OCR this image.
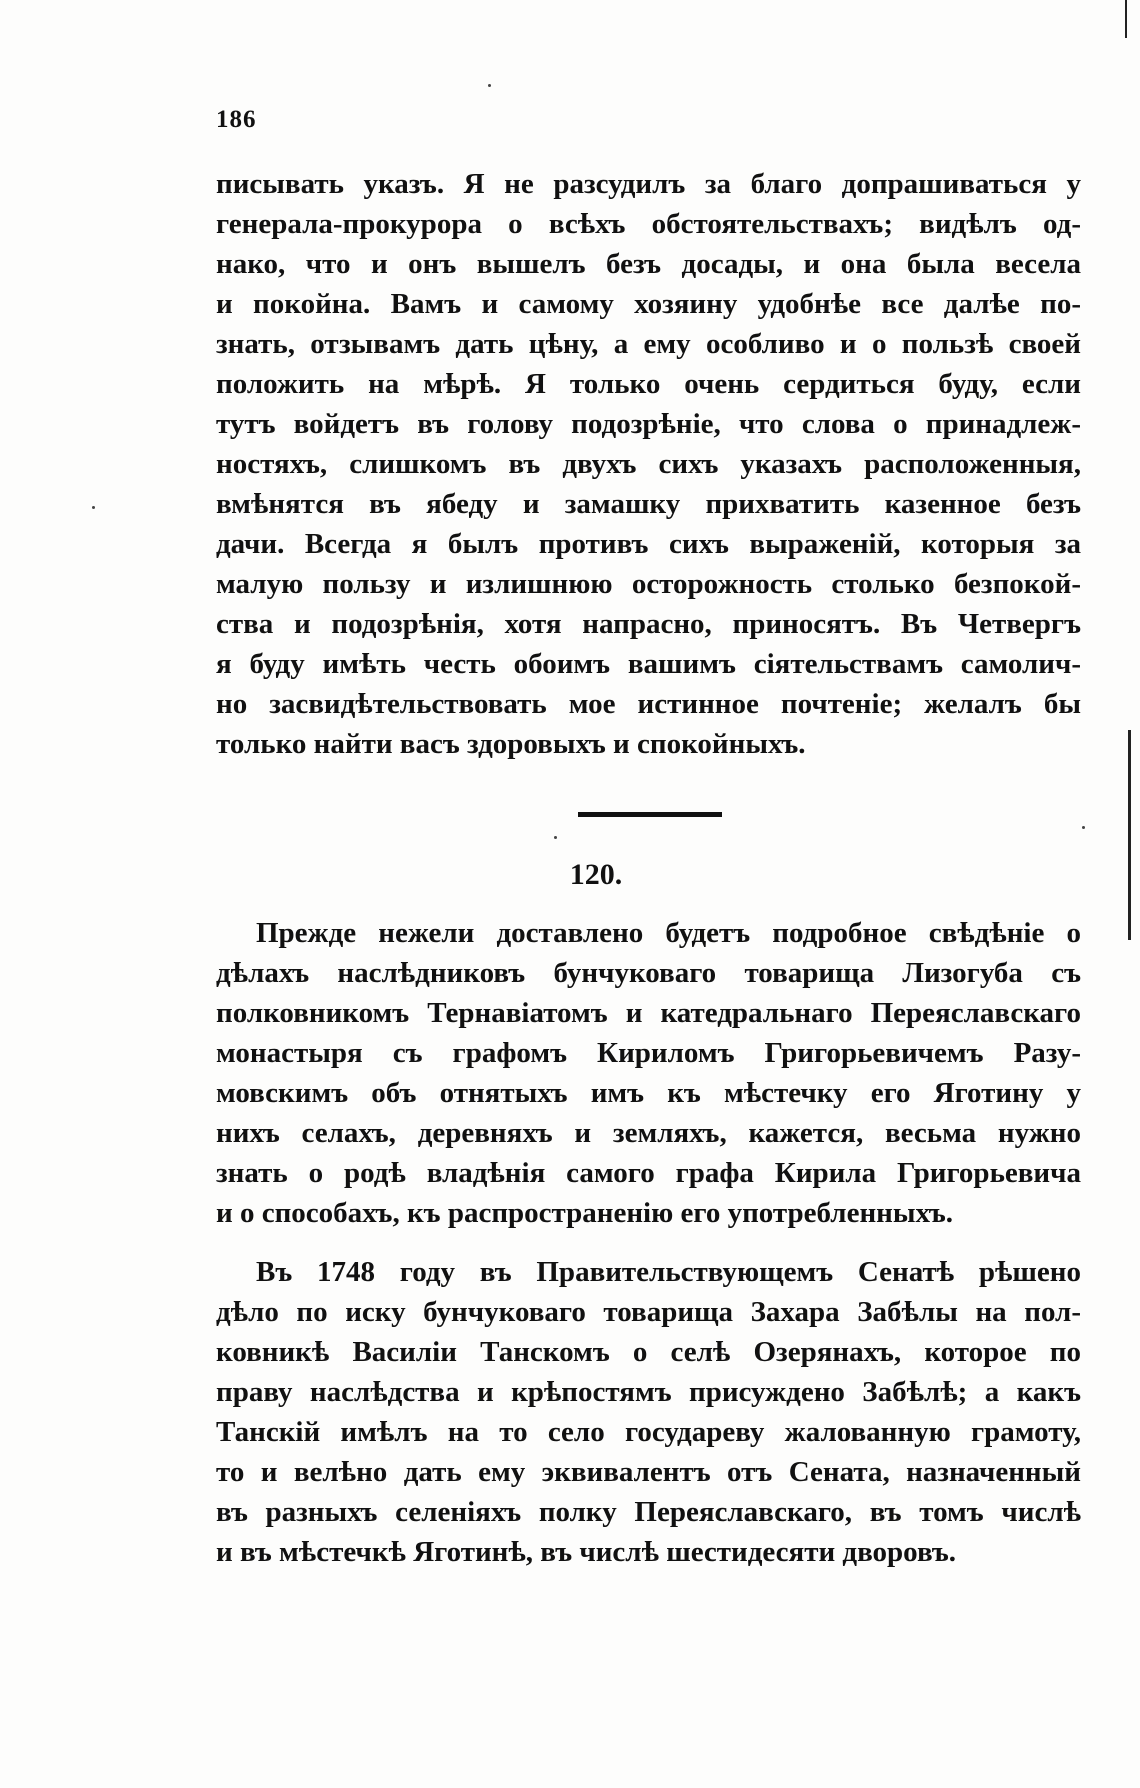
186
писывать указъ. Я не разсудилъ за благо допрашиваться у
генерала-прокурора о всѣхъ обстоятельствахъ; видѣлъ од-
нако, что и онъ вышелъ безъ досады, и она была весела
и покойна. Вамъ и самому хозяину удобнѣе все далѣе по-
знать, отзывамъ дать цѣну, а ему особливо и о пользѣ своей
положить на мѣрѣ. Я только очень сердиться буду, если
тутъ войдетъ въ голову подозрѣніе, что слова о принадлеж-
ностяхъ, слишкомъ въ двухъ сихъ указахъ расположенныя,
вмѣнятся въ ябеду и замашку прихватить казенное безъ
дачи. Всегда я былъ противъ сихъ выраженій, которыя за
малую пользу и излишнюю осторожность столько безпокой-
ства и подозрѣнія, хотя напрасно, приносятъ. Въ Четвергъ
я буду имѣть честь обоимъ вашимъ сіятельствамъ самолич-
но засвидѣтельствовать мое истинное почтеніе; желалъ бы
только найти васъ здоровыхъ и спокойныхъ.
120.
Прежде нежели доставлено будетъ подробное свѣдѣніе о
дѣлахъ наслѣдниковъ бунчуковаго товарища Лизогуба съ
полковникомъ Тернавіатомъ и катедральнаго Переяславскаго
монастыря съ графомъ Кириломъ Григорьевичемъ Разу-
мовскимъ объ отнятыхъ имъ къ мѣстечку его Яготину у
нихъ селахъ, деревняхъ и земляхъ, кажется, весьма нужно
знать о родѣ владѣнія самого графа Кирила Григорьевича
и о способахъ, къ распространенію его употребленныхъ.
Въ 1748 году въ Правительствующемъ Сенатѣ рѣшено
дѣло по иску бунчуковаго товарища Захара Забѣлы на пол-
ковникѣ Василіи Танскомъ о селѣ Озерянахъ, которое по
праву наслѣдства и крѣпостямъ присуждено Забѣлѣ; а какъ
Танскій имѣлъ на то село государеву жалованную грамоту,
то и велѣно дать ему эквивалентъ отъ Сената, назначенный
въ разныхъ селеніяхъ полку Переяславскаго, въ томъ числѣ
и въ мѣстечкѣ Яготинѣ, въ числѣ шестидесяти дворовъ.
